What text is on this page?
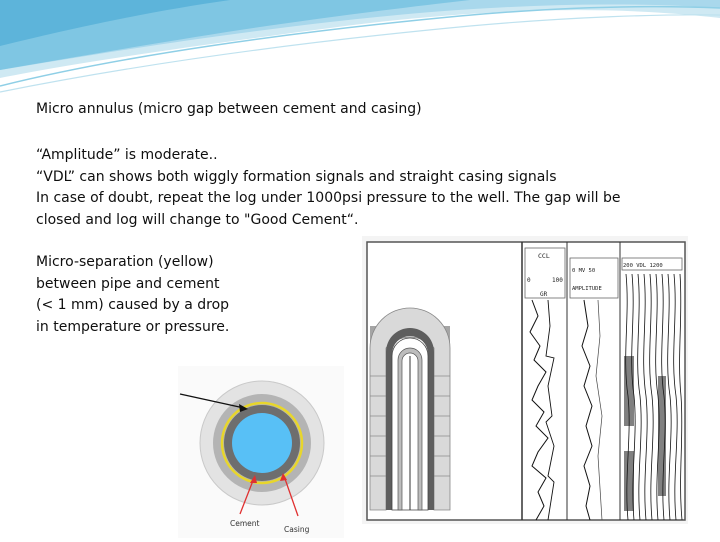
Micro annulus (micro gap between cement and casing)
“Amplitude” is moderate..
“VDL” can shows both wiggly formation signals and straight casing signals
In case of doubt, repeat the log under 1000psi pressure to the well. The gap will be
closed and log will change to "Good Cement“.
Micro-separation (yellow)
between pipe and cement
(< 1 mm) caused by a drop
in temperature or pressure.
Cement
Casing
CCL
0	100
GR
0 MV 50
AMPLITUDE
200 VDL 1200
